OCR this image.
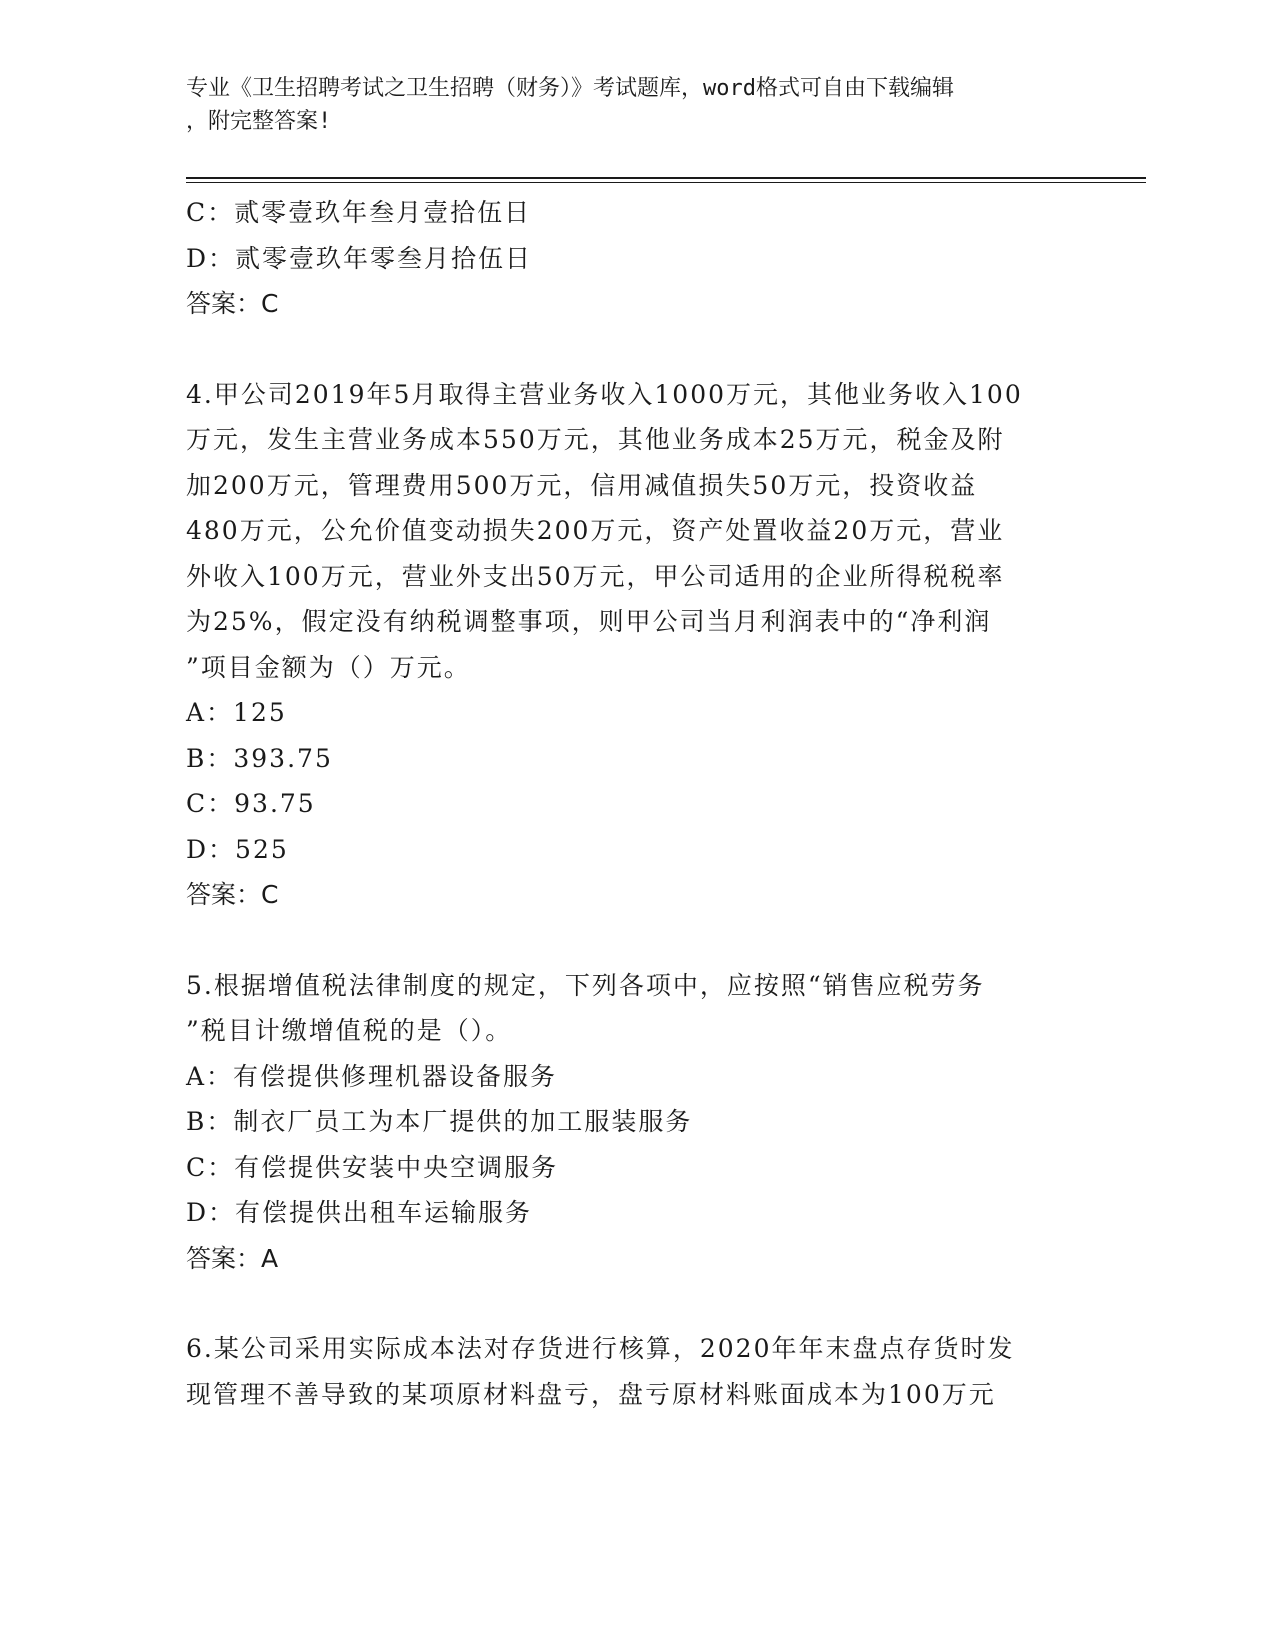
专业《卫生招聘考试之卫生招聘（财务）》考试题库，word格式可自由下载编辑
，附完整答案!
C：贰零壹玖年叁月壹拾伍日
D：贰零壹玖年零叁月拾伍日
答案：C
4.甲公司2019年5月取得主营业务收入1000万元，其他业务收入100
万元，发生主营业务成本550万元，其他业务成本25万元，税金及附
加200万元，管理费用500万元，信用减值损失50万元，投资收益
480万元，公允价值变动损失200万元，资产处置收益20万元，营业
外收入100万元，营业外支出50万元，甲公司适用的企业所得税税率
为25%，假定没有纳税调整事项，则甲公司当月利润表中的“净利润
”项目金额为（）万元。
A：125
B：393.75
C：93.75
D：525
答案：C
5.根据增值税法律制度的规定，下列各项中，应按照“销售应税劳务
”税目计缴增值税的是（）。
A：有偿提供修理机器设备服务
B：制衣厂员工为本厂提供的加工服装服务
C：有偿提供安装中央空调服务
D：有偿提供出租车运输服务
答案：A
6.某公司采用实际成本法对存货进行核算，2020年年末盘点存货时发
现管理不善导致的某项原材料盘亏，盘亏原材料账面成本为100万元
